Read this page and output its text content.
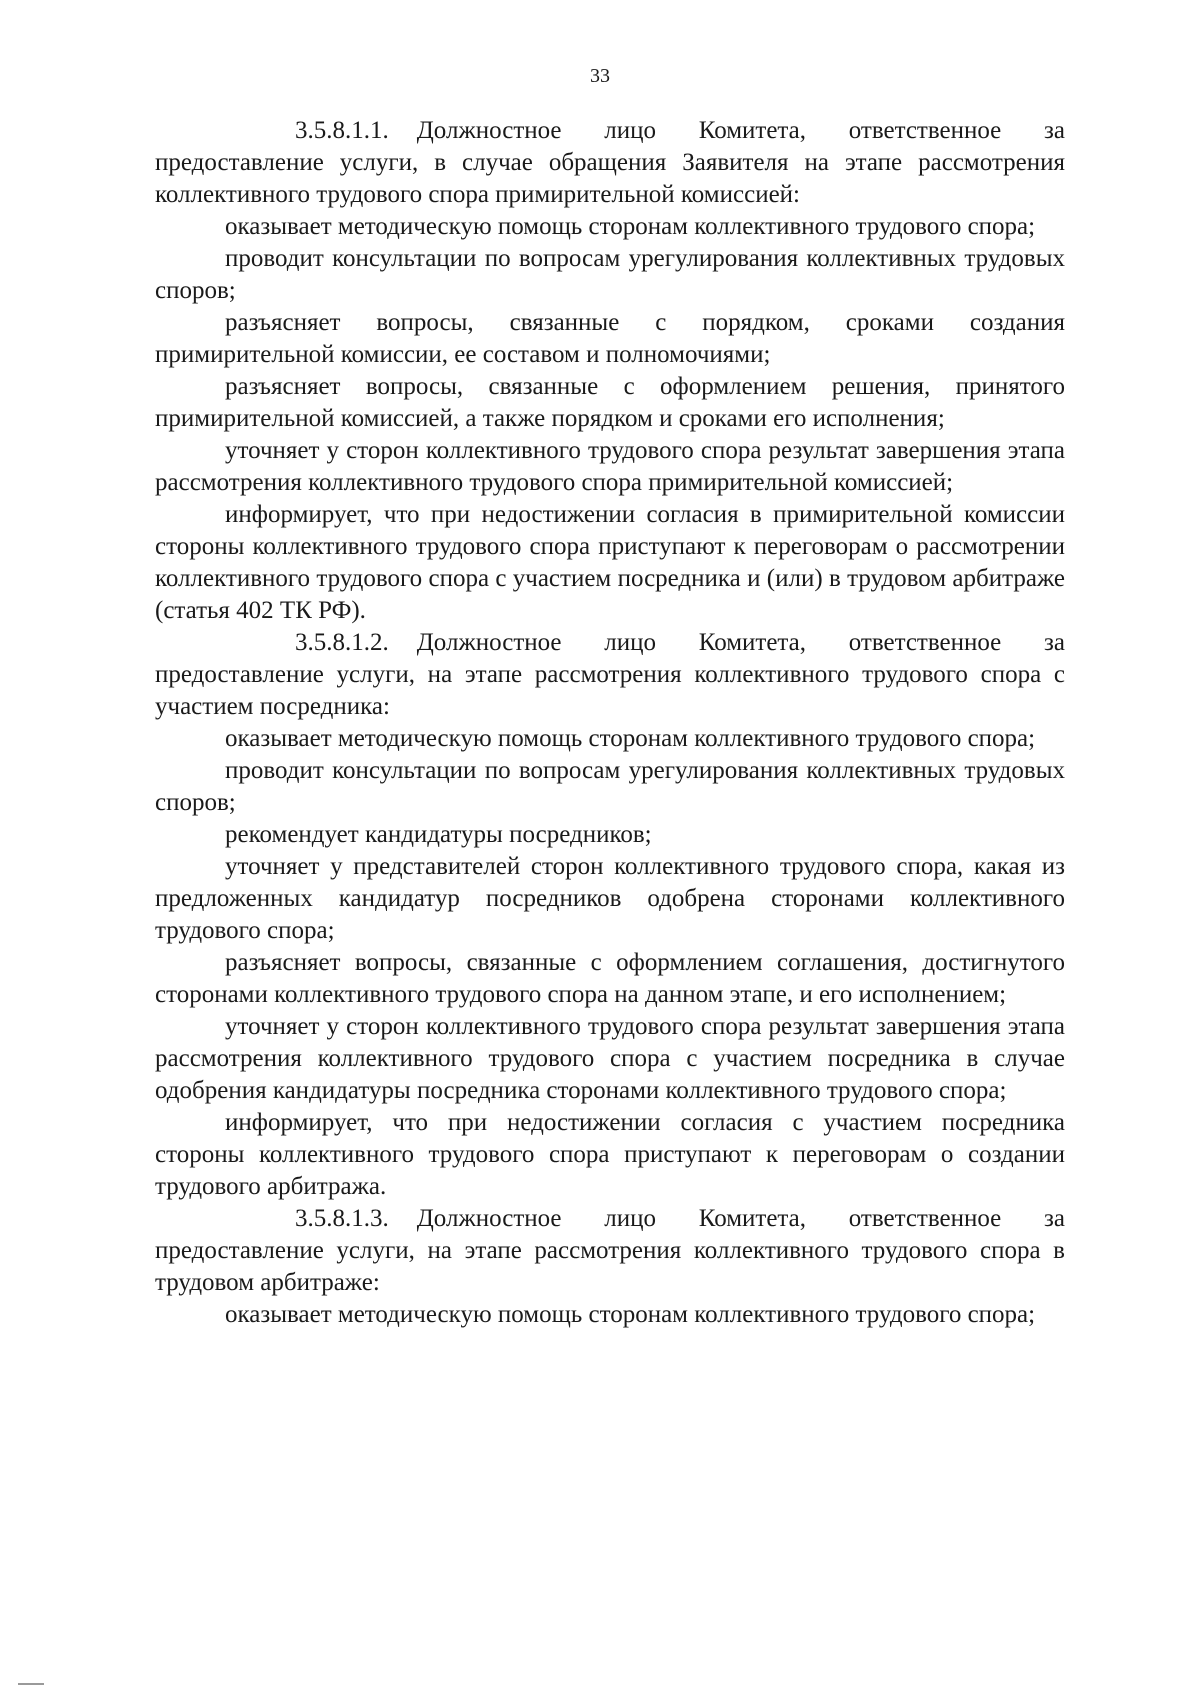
33

3.5.8.1.1. Должностное лицо Комитета, ответственное за предоставление услуги, в случае обращения Заявителя на этапе рассмотрения коллективного трудового спора примирительной комиссией:

оказывает методическую помощь сторонам коллективного трудового спора;

проводит консультации по вопросам урегулирования коллективных трудовых споров;

разъясняет вопросы, связанные с порядком, сроками создания примирительной комиссии, ее составом и полномочиями;

разъясняет вопросы, связанные с оформлением решения, принятого примирительной комиссией, а также порядком и сроками его исполнения;

уточняет у сторон коллективного трудового спора результат завершения этапа рассмотрения коллективного трудового спора примирительной комиссией;

информирует, что при недостижении согласия в примирительной комиссии стороны коллективного трудового спора приступают к переговорам о рассмотрении коллективного трудового спора с участием посредника и (или) в трудовом арбитраже (статья 402 ТК РФ).

3.5.8.1.2. Должностное лицо Комитета, ответственное за предоставление услуги, на этапе рассмотрения коллективного трудового спора с участием посредника:

оказывает методическую помощь сторонам коллективного трудового спора;

проводит консультации по вопросам урегулирования коллективных трудовых споров;

рекомендует кандидатуры посредников;

уточняет у представителей сторон коллективного трудового спора, какая из предложенных кандидатур посредников одобрена сторонами коллективного трудового спора;

разъясняет вопросы, связанные с оформлением соглашения, достигнутого сторонами коллективного трудового спора на данном этапе, и его исполнением;

уточняет у сторон коллективного трудового спора результат завершения этапа рассмотрения коллективного трудового спора с участием посредника в случае одобрения кандидатуры посредника сторонами коллективного трудового спора;

информирует, что при недостижении согласия с участием посредника стороны коллективного трудового спора приступают к переговорам о создании трудового арбитража.

3.5.8.1.3. Должностное лицо Комитета, ответственное за предоставление услуги, на этапе рассмотрения коллективного трудового спора в трудовом арбитраже:

оказывает методическую помощь сторонам коллективного трудового спора;
